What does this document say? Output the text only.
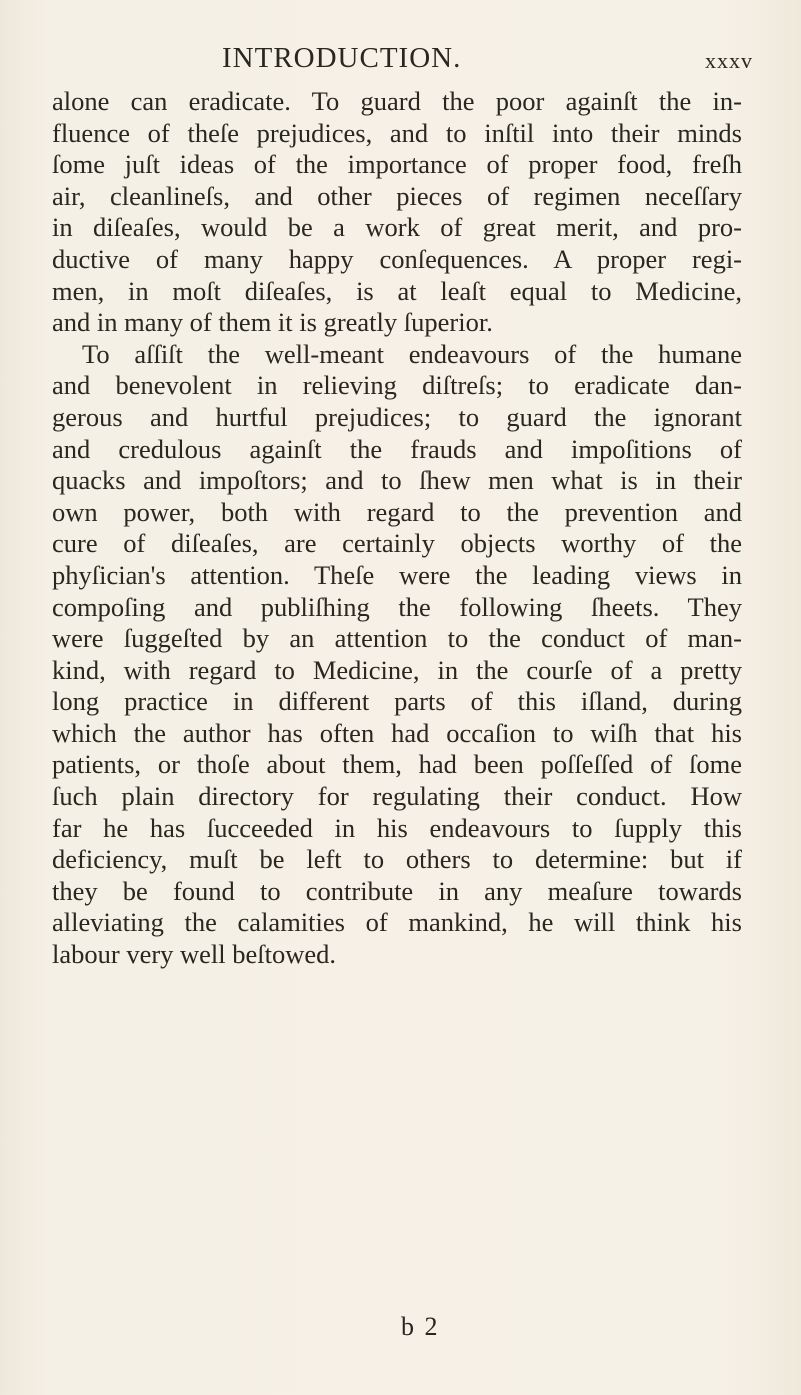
INTRODUCTION.	xxxv
alone can eradicate. To guard the poor againſt the in-
fluence of theſe prejudices, and to inſtil into their minds
ſome juſt ideas of the importance of proper food, freſh
air, cleanlineſs, and other pieces of regimen neceſſary
in diſeaſes, would be a work of great merit, and pro-
ductive of many happy conſequences. A proper regi-
men, in moſt diſeaſes, is at leaſt equal to Medicine,
and in many of them it is greatly ſuperior.
To aſſiſt the well-meant endeavours of the humane
and benevolent in relieving diſtreſs; to eradicate dan-
gerous and hurtful prejudices; to guard the ignorant
and credulous againſt the frauds and impoſitions of
quacks and impoſtors; and to ſhew men what is in their
own power, both with regard to the prevention and
cure of diſeaſes, are certainly objects worthy of the
phyſician's attention. Theſe were the leading views in
compoſing and publiſhing the following ſheets. They
were ſuggeſted by an attention to the conduct of man-
kind, with regard to Medicine, in the courſe of a pretty
long practice in different parts of this iſland, during
which the author has often had occaſion to wiſh that his
patients, or thoſe about them, had been poſſeſſed of ſome
ſuch plain directory for regulating their conduct. How
far he has ſucceeded in his endeavours to ſupply this
deficiency, muſt be left to others to determine: but if
they be found to contribute in any meaſure towards
alleviating the calamities of mankind, he will think his
labour very well beſtowed.
b 2
